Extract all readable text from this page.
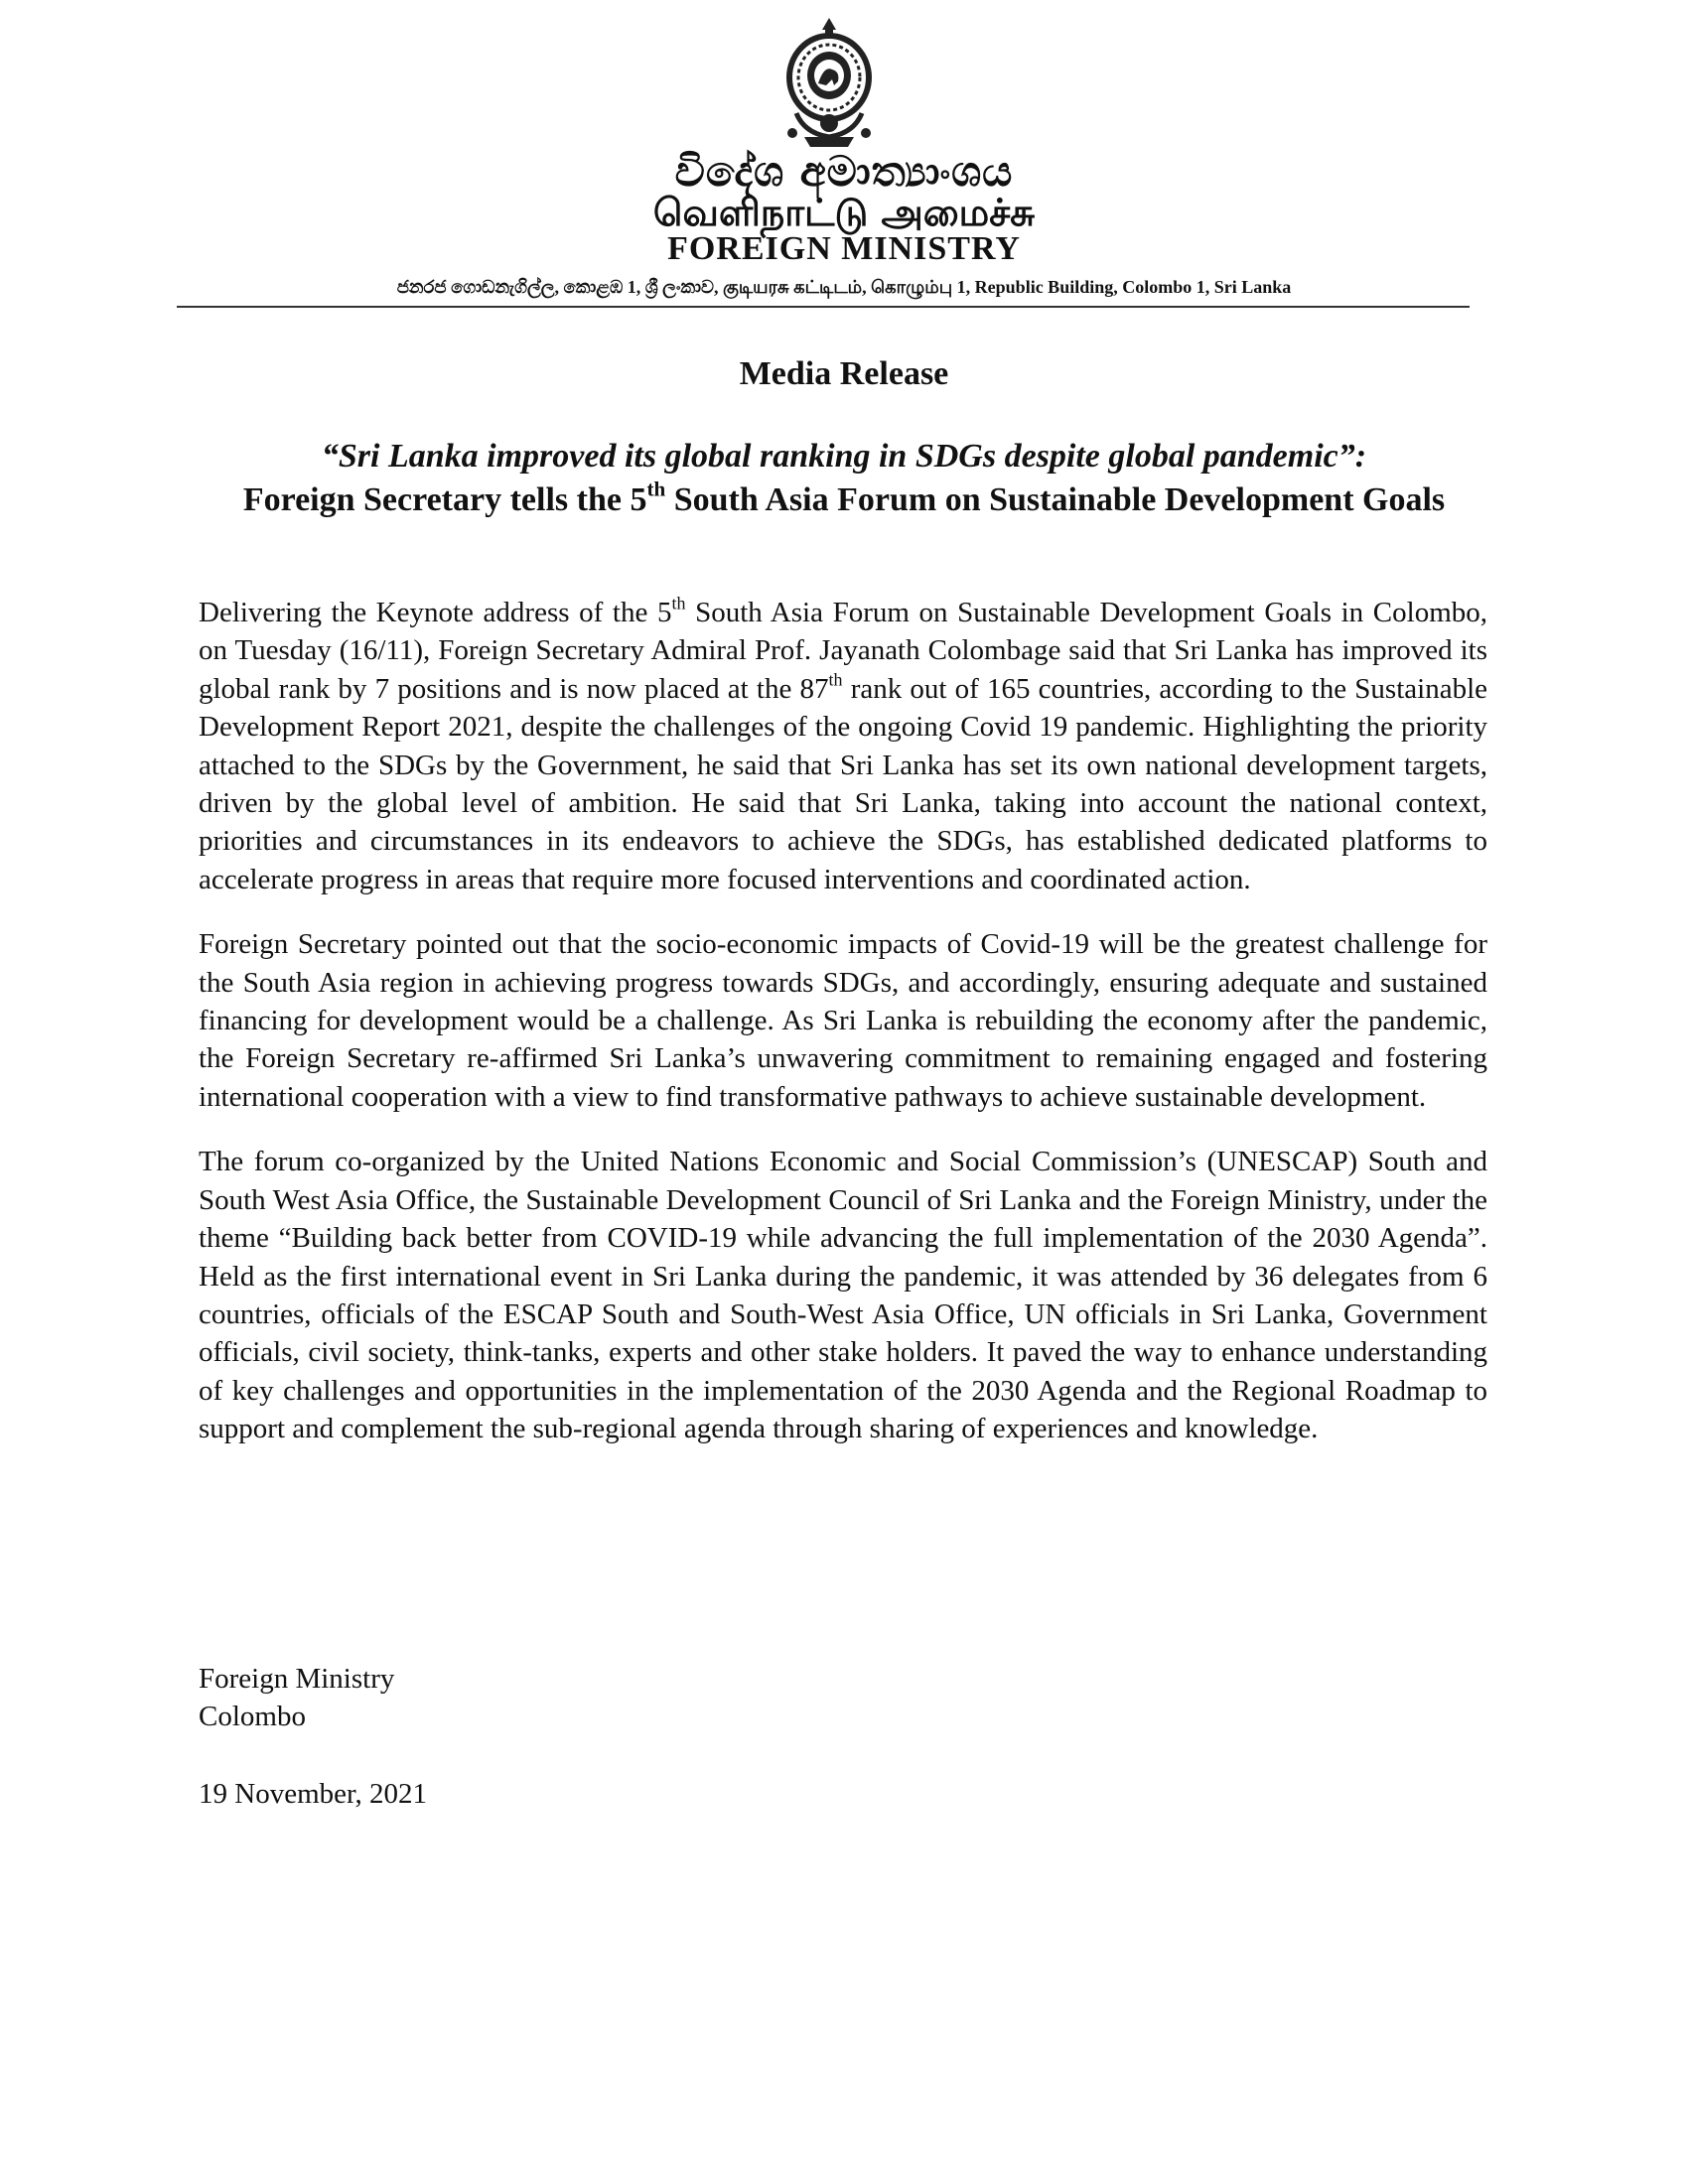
විදේශ අමාත්‍යාංශය
வெளிநாட்டு அமைச்சு
FOREIGN MINISTRY
ජනරජ ගොඩනැගිල්ල, කොළඹ 1, ශ්‍රී ලංකාව, குடியரசு கட்டிடம், கொழும்பு 1, Republic Building, Colombo 1, Sri Lanka
Media Release
“Sri Lanka improved its global ranking in SDGs despite global pandemic”:
Foreign Secretary tells the 5th South Asia Forum on Sustainable Development Goals

Delivering the Keynote address of the 5th South Asia Forum on Sustainable Development Goals in Colombo, on Tuesday (16/11), Foreign Secretary Admiral Prof. Jayanath Colombage said that Sri Lanka has improved its global rank by 7 positions and is now placed at the 87th rank out of 165 countries, according to the Sustainable Development Report 2021, despite the challenges of the ongoing Covid 19 pandemic. Highlighting the priority attached to the SDGs by the Government, he said that Sri Lanka has set its own national development targets, driven by the global level of ambition. He said that Sri Lanka, taking into account the national context, priorities and circumstances in its endeavors to achieve the SDGs, has established dedicated platforms to accelerate progress in areas that require more focused interventions and coordinated action.

Foreign Secretary pointed out that the socio-economic impacts of Covid-19 will be the greatest challenge for the South Asia region in achieving progress towards SDGs, and accordingly, ensuring adequate and sustained financing for development would be a challenge. As Sri Lanka is rebuilding the economy after the pandemic, the Foreign Secretary re-affirmed Sri Lanka’s unwavering commitment to remaining engaged and fostering international cooperation with a view to find transformative pathways to achieve sustainable development.

The forum co-organized by the United Nations Economic and Social Commission’s (UNESCAP) South and South West Asia Office, the Sustainable Development Council of Sri Lanka and the Foreign Ministry, under the theme “Building back better from COVID-19 while advancing the full implementation of the 2030 Agenda”. Held as the first international event in Sri Lanka during the pandemic, it was attended by 36 delegates from 6 countries, officials of the ESCAP South and South-West Asia Office, UN officials in Sri Lanka, Government officials, civil society, think-tanks, experts and other stake holders. It paved the way to enhance understanding of key challenges and opportunities in the implementation of the 2030 Agenda and the Regional Roadmap to support and complement the sub-regional agenda through sharing of experiences and knowledge.

Foreign Ministry
Colombo
19 November, 2021
